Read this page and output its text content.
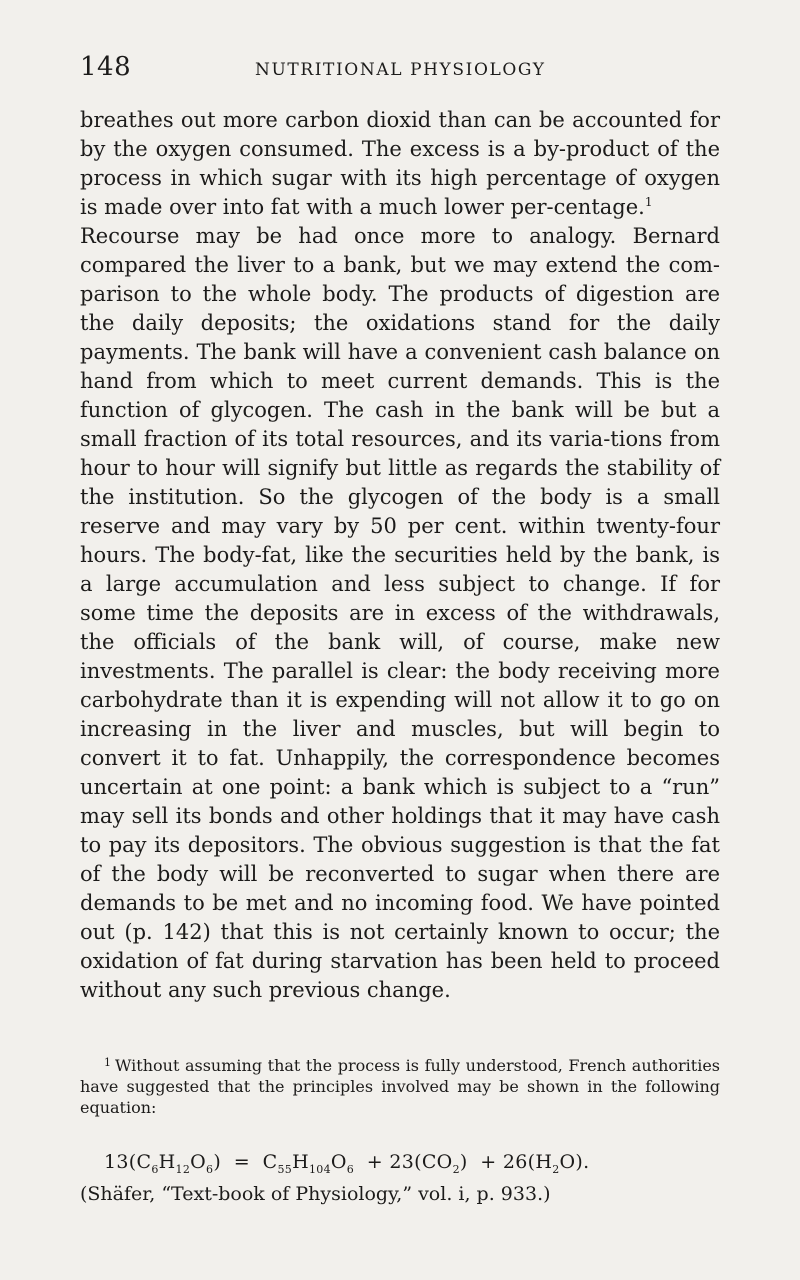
148	NUTRITIONAL PHYSIOLOGY

breathes out more carbon dioxid than can be accounted for by the oxygen consumed. The excess is a by-product of the process in which sugar with its high percentage of oxygen is made over into fat with a much lower per-centage.$^1$

Recourse may be had once more to analogy. Bernard compared the liver to a bank, but we may extend the com-parison to the whole body. The products of digestion are the daily deposits; the oxidations stand for the daily payments. The bank will have a convenient cash balance on hand from which to meet current demands. This is the function of glycogen. The cash in the bank will be but a small fraction of its total resources, and its varia-tions from hour to hour will signify but little as regards the stability of the institution. So the glycogen of the body is a small reserve and may vary by 50 per cent. within twenty-four hours. The body-fat, like the securities held by the bank, is a large accumulation and less subject to change. If for some time the deposits are in excess of the withdrawals, the officials of the bank will, of course, make new investments. The parallel is clear: the body receiving more carbohydrate than it is expending will not allow it to go on increasing in the liver and muscles, but will begin to convert it to fat. Unhappily, the correspondence becomes uncertain at one point: a bank which is subject to a “run” may sell its bonds and other holdings that it may have cash to pay its depositors. The obvious suggestion is that the fat of the body will be reconverted to sugar when there are demands to be met and no incoming food. We have pointed out (p. 142) that this is not certainly known to occur; the oxidation of fat during starvation has been held to proceed without any such previous change.

$^1$ Without assuming that the process is fully understood, French authorities have suggested that the principles involved may be shown in the following equation:

$13(C_6H_{12}O_6) = C_{55}H_{104}O_6 + 23(CO_2) + 26(H_2O)$.
(Shäfer, “Text-book of Physiology,” vol. i, p. 933.)
